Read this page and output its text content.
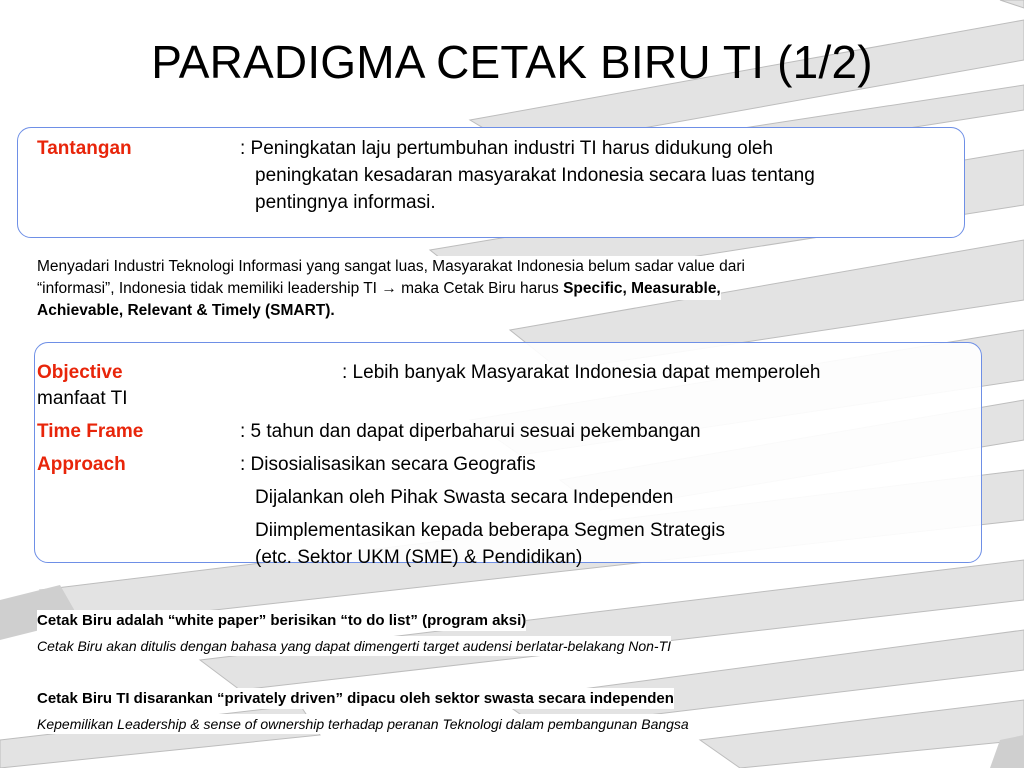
PARADIGMA CETAK BIRU TI (1/2)
Tantangan	: Peningkatan laju pertumbuhan industri TI harus didukung oleh
peningkatan kesadaran masyarakat Indonesia secara luas tentang
pentingnya informasi.
Menyadari Industri Teknologi Informasi yang sangat luas, Masyarakat Indonesia belum sadar value dari
“informasi”, Indonesia tidak memiliki leadership TI → maka Cetak Biru harus Specific, Measurable,
Achievable, Relevant & Timely (SMART).
Objective	: Lebih banyak Masyarakat Indonesia dapat memperoleh
manfaat TI
Time Frame	: 5 tahun dan dapat diperbaharui sesuai pekembangan
Approach	: Disosialisasikan secara Geografis
Dijalankan oleh Pihak Swasta secara Independen
Diimplementasikan kepada beberapa Segmen Strategis
(etc. Sektor UKM (SME) & Pendidikan)
Cetak Biru adalah “white paper” berisikan “to do list” (program aksi)
Cetak Biru akan ditulis dengan bahasa yang dapat dimengerti target audensi berlatar-belakang Non-TI
Cetak Biru TI disarankan “privately driven” dipacu oleh sektor swasta secara independen
Kepemilikan Leadership & sense of ownership terhadap peranan Teknologi dalam pembangunan Bangsa
